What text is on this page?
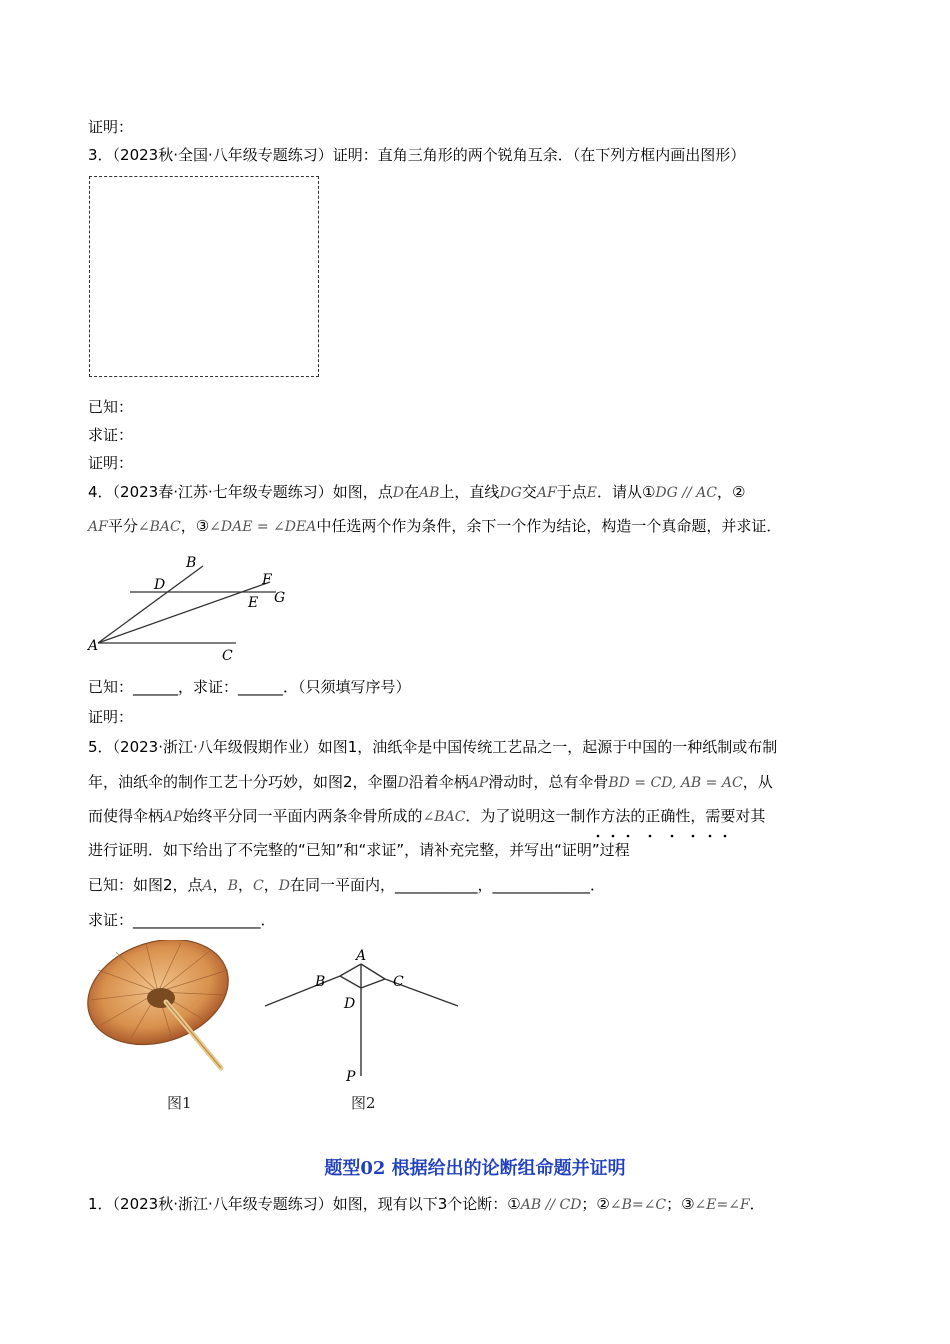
证明：
3．（2023秋·全国·八年级专题练习）证明：直角三角形的两个锐角互余．（在下列方框内画出图形）
已知：
求证：
证明：
4．（2023春·江苏·七年级专题练习）如图，点D在AB上，直线DG交AF于点E．请从①DG // AC，②
AF平分∠BAC，③∠DAE = ∠DEA中任选两个作为条件，余下一个作为结论，构造一个真命题，并求证．
B
D	F
E G
A
C
已知：______，求证：______．（只须填写序号）
证明：
5．（2023·浙江·八年级假期作业）如图1，油纸伞是中国传统工艺品之一，起源于中国的一种纸制或布制
年，油纸伞的制作工艺十分巧妙，如图2，伞圈D沿着伞柄AP滑动时，总有伞骨BD = CD, AB = AC，从
而使得伞柄AP始终平分同一平面内两条伞骨所成的∠BAC．为了说明这一制作方法的正确性，需要对其
进行证明．如下给出了不完整的“已知”和“求证”，请补充完整，并写出“证明”过程
已知：如图2，点A，B，C，D在同一平面内，___________，_____________．
求证：_________________．
A
B	C
D
P
图1	图2
题型02 根据给出的论断组命题并证明
1．（2023秋·浙江·八年级专题练习）如图，现有以下3个论断：①AB // CD；②∠B=∠C；③∠E=∠F．
